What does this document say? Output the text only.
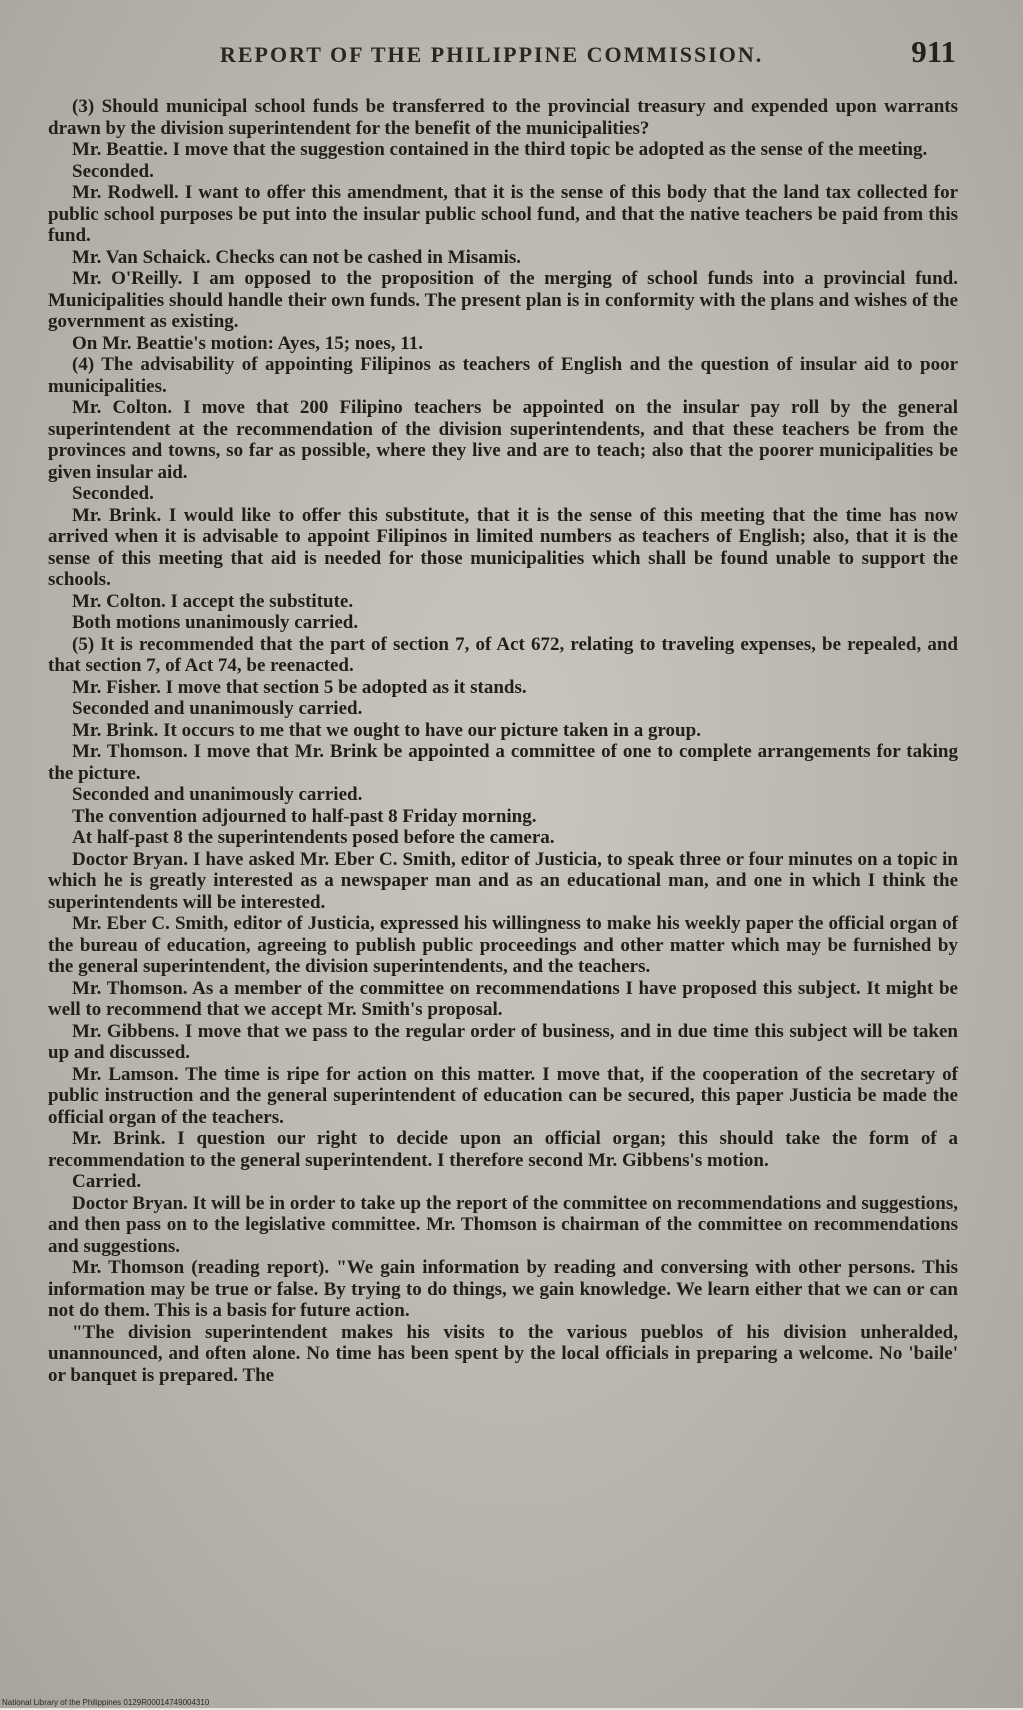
REPORT OF THE PHILIPPINE COMMISSION.	911

(3) Should municipal school funds be transferred to the provincial treasury and expended upon warrants drawn by the division superintendent for the benefit of the municipalities?

Mr. Beattie. I move that the suggestion contained in the third topic be adopted as the sense of the meeting.

Seconded.

Mr. Rodwell. I want to offer this amendment, that it is the sense of this body that the land tax collected for public school purposes be put into the insular public school fund, and that the native teachers be paid from this fund.

Mr. Van Schaick. Checks can not be cashed in Misamis.

Mr. O'Reilly. I am opposed to the proposition of the merging of school funds into a provincial fund. Municipalities should handle their own funds. The present plan is in conformity with the plans and wishes of the government as existing.

On Mr. Beattie's motion: Ayes, 15; noes, 11.

(4) The advisability of appointing Filipinos as teachers of English and the question of insular aid to poor municipalities.

Mr. Colton. I move that 200 Filipino teachers be appointed on the insular pay roll by the general superintendent at the recommendation of the division superintendents, and that these teachers be from the provinces and towns, so far as possible, where they live and are to teach; also that the poorer municipalities be given insular aid.

Seconded.

Mr. Brink. I would like to offer this substitute, that it is the sense of this meeting that the time has now arrived when it is advisable to appoint Filipinos in limited numbers as teachers of English; also, that it is the sense of this meeting that aid is needed for those municipalities which shall be found unable to support the schools.

Mr. Colton. I accept the substitute.

Both motions unanimously carried.

(5) It is recommended that the part of section 7, of Act 672, relating to traveling expenses, be repealed, and that section 7, of Act 74, be reenacted.

Mr. Fisher. I move that section 5 be adopted as it stands.

Seconded and unanimously carried.

Mr. Brink. It occurs to me that we ought to have our picture taken in a group.

Mr. Thomson. I move that Mr. Brink be appointed a committee of one to complete arrangements for taking the picture.

Seconded and unanimously carried.

The convention adjourned to half-past 8 Friday morning.

At half-past 8 the superintendents posed before the camera.

Doctor Bryan. I have asked Mr. Eber C. Smith, editor of Justicia, to speak three or four minutes on a topic in which he is greatly interested as a newspaper man and as an educational man, and one in which I think the superintendents will be interested.

Mr. Eber C. Smith, editor of Justicia, expressed his willingness to make his weekly paper the official organ of the bureau of education, agreeing to publish public proceedings and other matter which may be furnished by the general superintendent, the division superintendents, and the teachers.

Mr. Thomson. As a member of the committee on recommendations I have proposed this subject. It might be well to recommend that we accept Mr. Smith's proposal.

Mr. Gibbens. I move that we pass to the regular order of business, and in due time this subject will be taken up and discussed.

Mr. Lamson. The time is ripe for action on this matter. I move that, if the cooperation of the secretary of public instruction and the general superintendent of education can be secured, this paper Justicia be made the official organ of the teachers.

Mr. Brink. I question our right to decide upon an official organ; this should take the form of a recommendation to the general superintendent. I therefore second Mr. Gibbens's motion.

Carried.

Doctor Bryan. It will be in order to take up the report of the committee on recommendations and suggestions, and then pass on to the legislative committee. Mr. Thomson is chairman of the committee on recommendations and suggestions.

Mr. Thomson (reading report). "We gain information by reading and conversing with other persons. This information may be true or false. By trying to do things, we gain knowledge. We learn either that we can or can not do them. This is a basis for future action.

"The division superintendent makes his visits to the various pueblos of his division unheralded, unannounced, and often alone. No time has been spent by the local officials in preparing a welcome. No 'baile' or banquet is prepared. The

National Library of the Philippines 0129R00014749004310
